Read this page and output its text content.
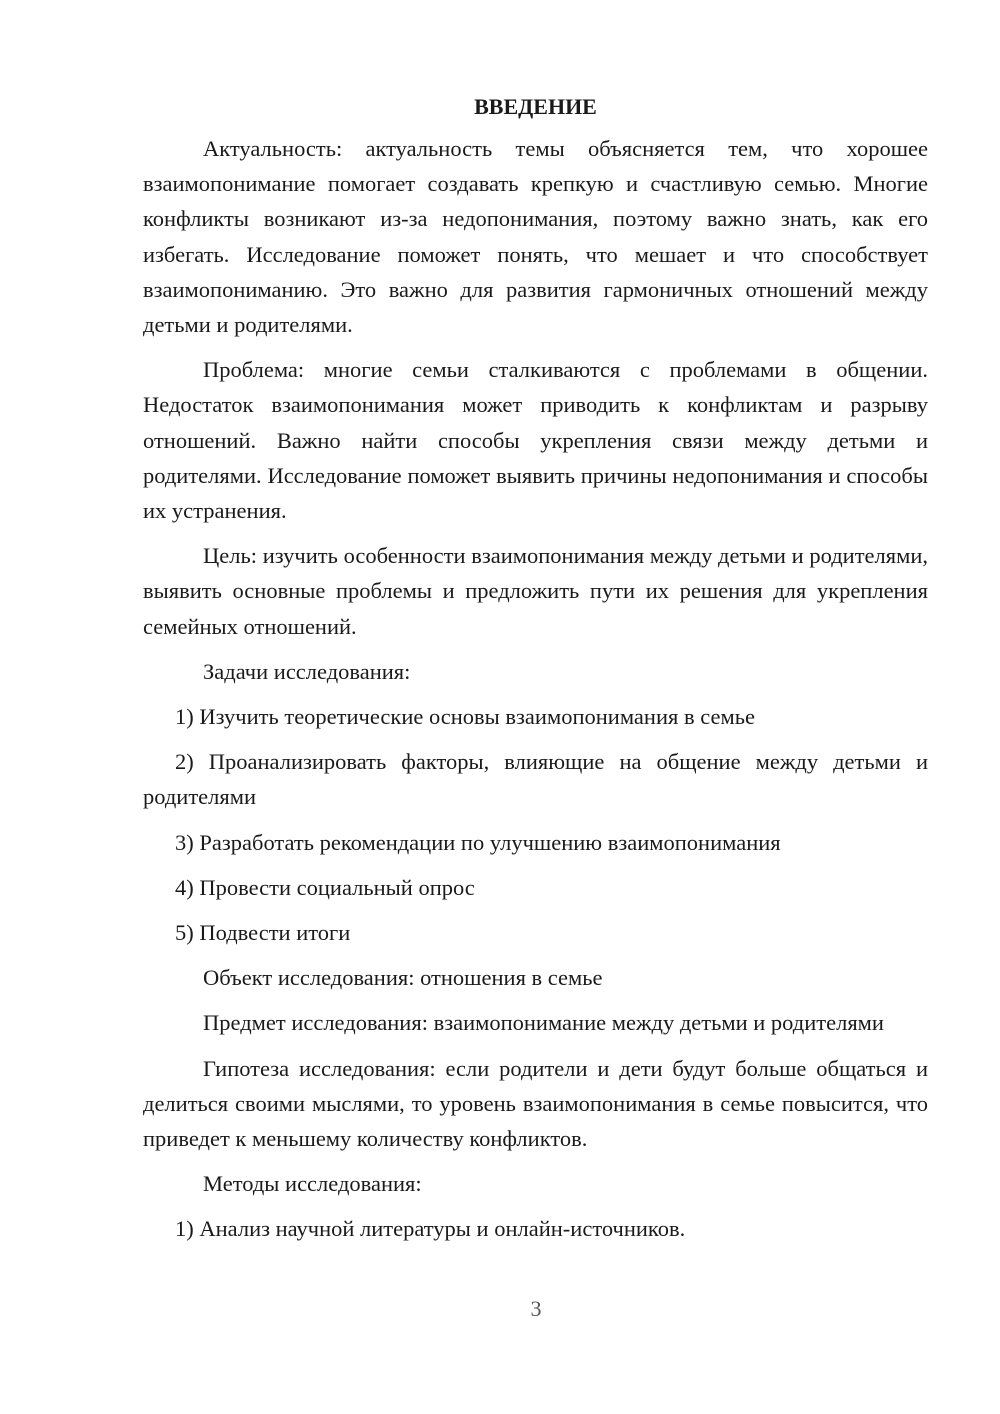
ВВЕДЕНИЕ

Актуальность: актуальность темы объясняется тем, что хорошее взаимопонимание помогает создавать крепкую и счастливую семью. Многие конфликты возникают из-за недопонимания, поэтому важно знать, как его избегать. Исследование поможет понять, что мешает и что способствует взаимопониманию. Это важно для развития гармоничных отношений между детьми и родителями.

Проблема: многие семьи сталкиваются с проблемами в общении. Недостаток взаимопонимания может приводить к конфликтам и разрыву отношений. Важно найти способы укрепления связи между детьми и родителями. Исследование поможет выявить причины недопонимания и способы их устранения.

Цель: изучить особенности взаимопонимания между детьми и родителями, выявить основные проблемы и предложить пути их решения для укрепления семейных отношений.

Задачи исследования:

1) Изучить теоретические основы взаимопонимания в семье
2) Проанализировать факторы, влияющие на общение между детьми и родителями
3) Разработать рекомендации по улучшению взаимопонимания
4) Провести социальный опрос
5) Подвести итоги

Объект исследования: отношения в семье

Предмет исследования: взаимопонимание между детьми и родителями

Гипотеза исследования: если родители и дети будут больше общаться и делиться своими мыслями, то уровень взаимопонимания в семье повысится, что приведет к меньшему количеству конфликтов.

Методы исследования:

1) Анализ научной литературы и онлайн-источников.
3
